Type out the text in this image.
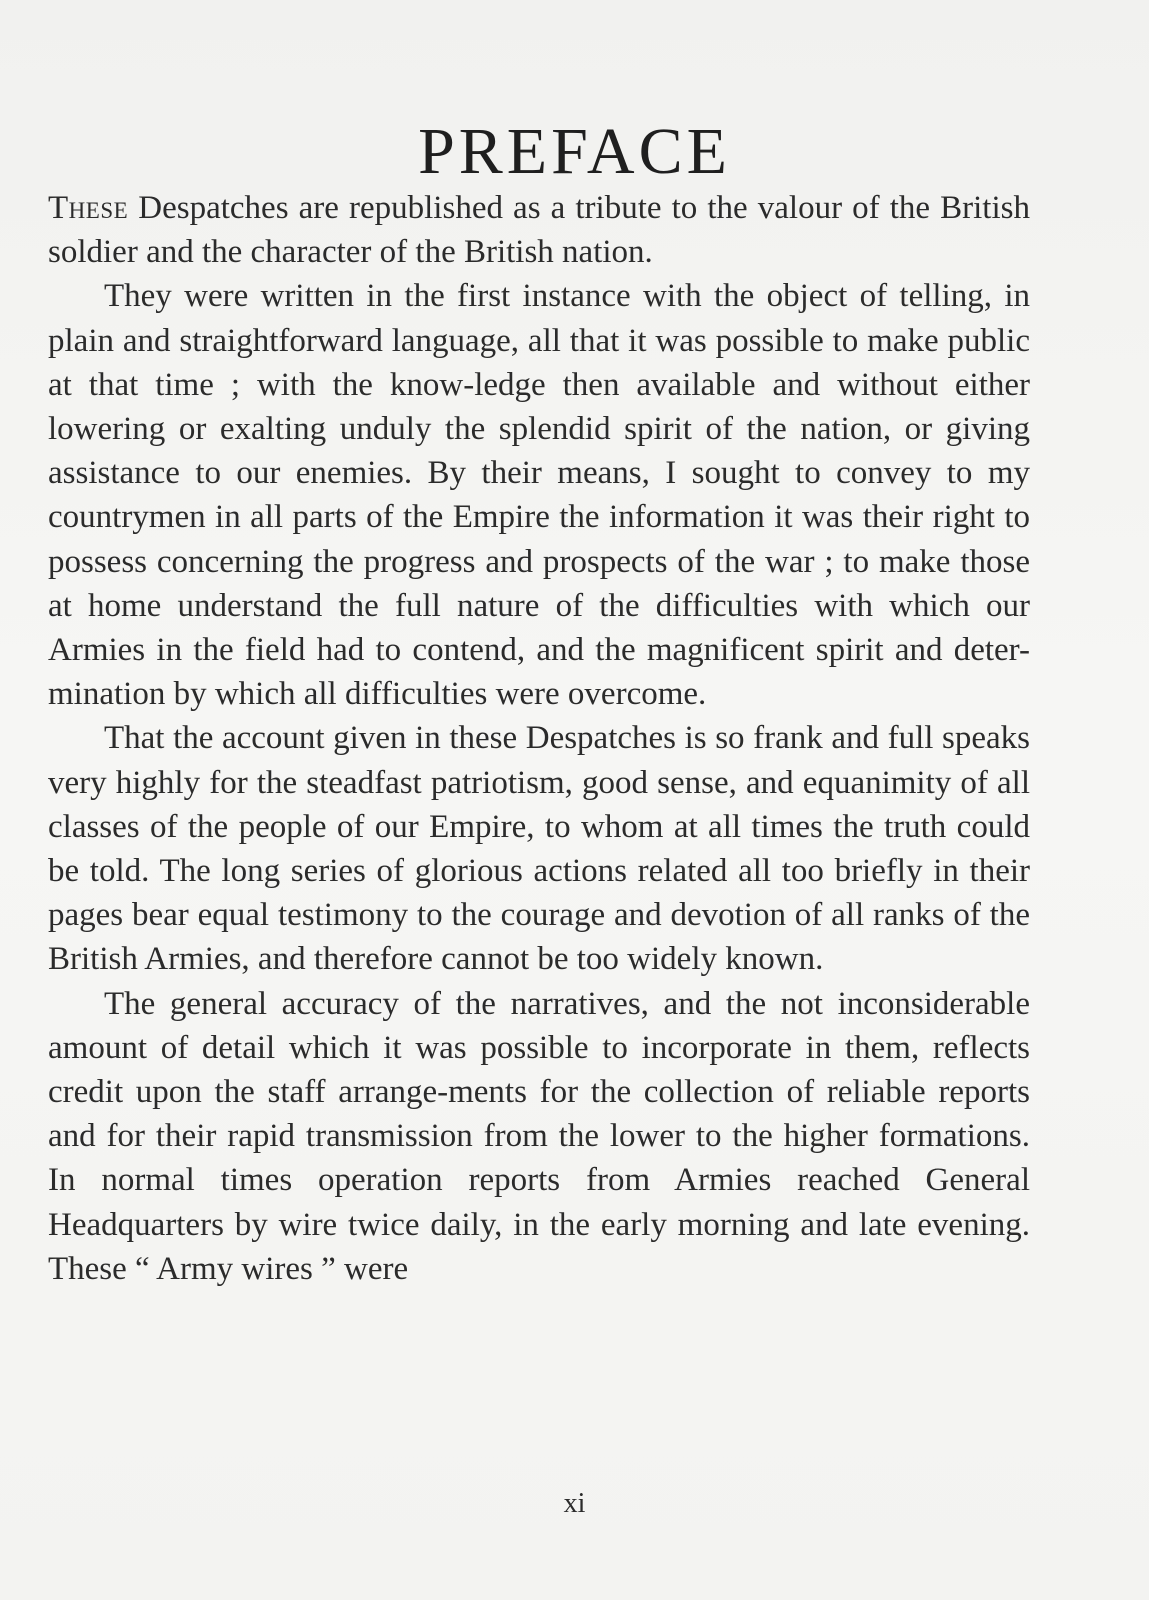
PREFACE

These Despatches are republished as a tribute to the valour of the British soldier and the character of the British nation.

They were written in the first instance with the object of telling, in plain and straightforward language, all that it was possible to make public at that time ; with the know-ledge then available and without either lowering or exalting unduly the splendid spirit of the nation, or giving assistance to our enemies. By their means, I sought to convey to my countrymen in all parts of the Empire the information it was their right to possess concerning the progress and prospects of the war ; to make those at home understand the full nature of the difficulties with which our Armies in the field had to contend, and the magnificent spirit and deter-mination by which all difficulties were overcome.

That the account given in these Despatches is so frank and full speaks very highly for the steadfast patriotism, good sense, and equanimity of all classes of the people of our Empire, to whom at all times the truth could be told. The long series of glorious actions related all too briefly in their pages bear equal testimony to the courage and devotion of all ranks of the British Armies, and therefore cannot be too widely known.

The general accuracy of the narratives, and the not inconsiderable amount of detail which it was possible to incorporate in them, reflects credit upon the staff arrange-ments for the collection of reliable reports and for their rapid transmission from the lower to the higher formations. In normal times operation reports from Armies reached General Headquarters by wire twice daily, in the early morning and late evening. These “ Army wires ” were

xi
